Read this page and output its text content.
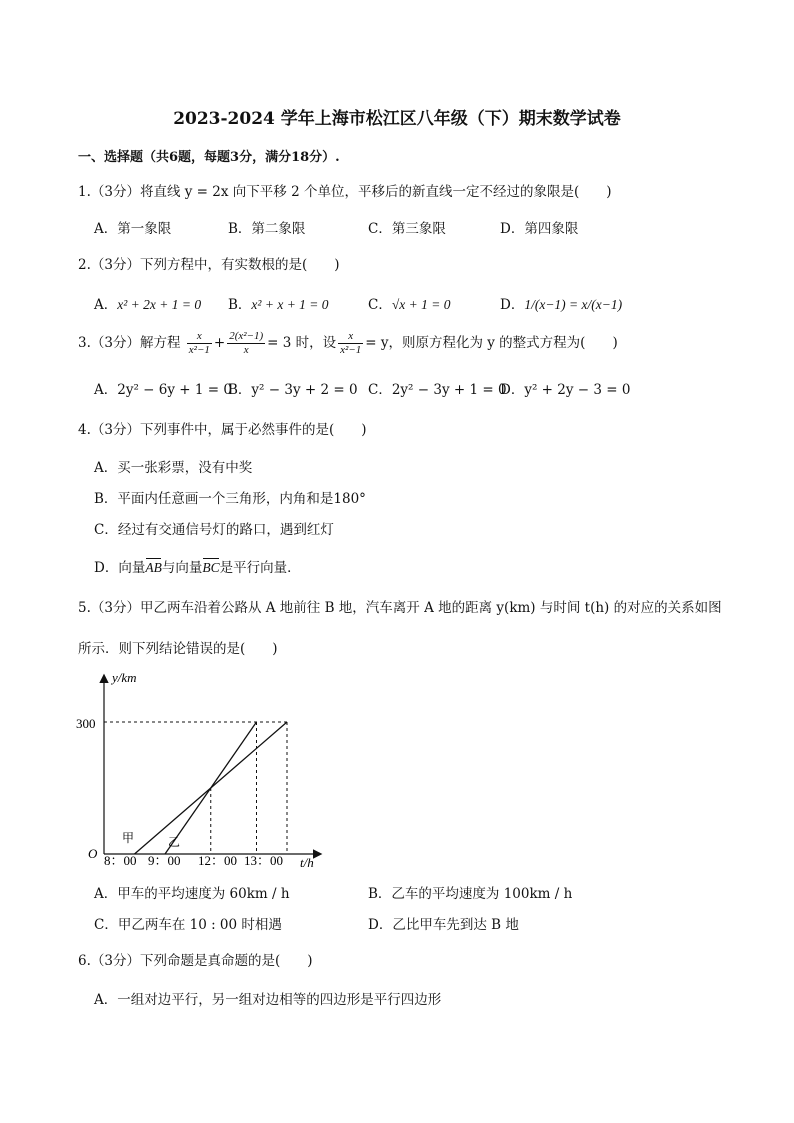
2023-2024 学年上海市松江区八年级（下）期末数学试卷
一、选择题（共6题，每题3分，满分18分）.
1.（3分）将直线 y = 2x 向下平移 2 个单位，平移后的新直线一定不经过的象限是(　　)
A．第一象限	B．第二象限	C．第三象限	D．第四象限
2.（3分）下列方程中，有实数根的是(　　)
A．x² + 2x + 1 = 0 B．x² + x + 1 = 0	C．√x + 1 = 0	D．1/(x−1) = x/(x−1)
3.（3分）解方程 $\frac{x}{\text{x²−1}} + \frac{\text{2(x²−1)}}{x} = 3$ 时，设 $\frac{x}{\text{x²−1}} = y$，则原方程化为 y 的整式方程为(　　)
A．2y² − 6y + 1 = 0
B．y² − 3y + 2 = 0 C．2y² − 3y + 1 = 0
D．y² + 2y − 3 = 0
4.（3分）下列事件中，属于必然事件的是(　　)
A．买一张彩票，没有中奖
B．平面内任意画一个三角形，内角和是180°
C．经过有交通信号灯的路口，遇到红灯
D．向量AB与向量BC是平行向量．
5.（3分）甲乙两车沿着公路从 A 地前往 B 地，汽车离开 A 地的距离 y(km) 与时间 t(h) 的对应的关系如图
所示．则下列结论错误的是(　　)
y/km
300
O
甲	乙
8：00 9：00 12：00 13：00 t/h
A．甲车的平均速度为 60km / h	B．乙车的平均速度为 100km / h
C．甲乙两车在 10 : 00 时相遇	D．乙比甲车先到达 B 地
6.（3分）下列命题是真命题的是(　　)
A．一组对边平行，另一组对边相等的四边形是平行四边形
